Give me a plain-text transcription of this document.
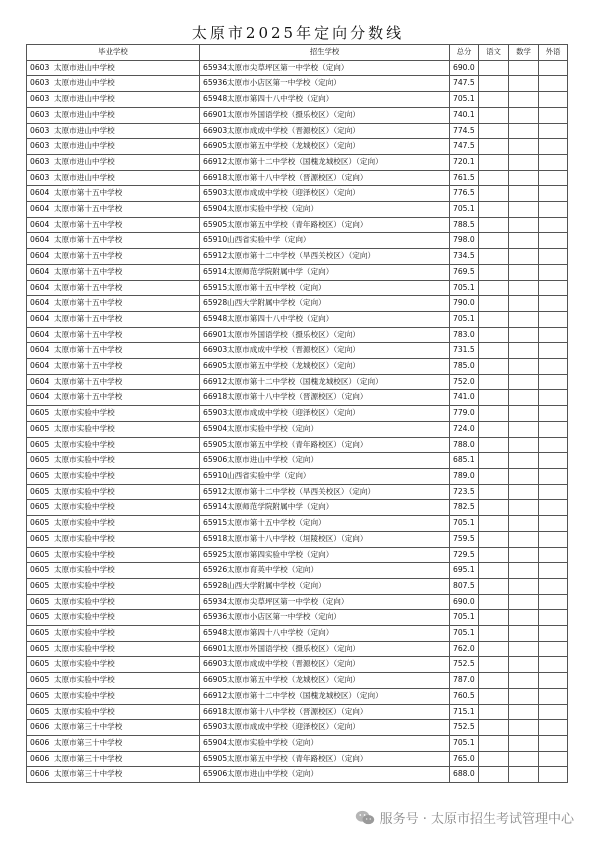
太原市2025年定向分数线
毕业学校	招生学校	总分	语文	数学	外语
0603 太原市进山中学校	65934太原市尖草坪区第一中学校（定向）	690.0			
0603 太原市进山中学校	65936太原市小店区第一中学校（定向）	747.5			
0603 太原市进山中学校	65948太原市第四十八中学校（定向）	705.1			
0603 太原市进山中学校	66901太原市外国语学校（摄乐校区）（定向）	740.1			
0603 太原市进山中学校	66903太原市成成中学校（晋源校区）（定向）	774.5			
0603 太原市进山中学校	66905太原市第五中学校（龙城校区）（定向）	747.5			
0603 太原市进山中学校	66912太原市第十二中学校（国槐龙城校区）（定向）	720.1			
0603 太原市进山中学校	66918太原市第十八中学校（晋源校区）（定向）	761.5			
0604 太原市第十五中学校	65903太原市成成中学校（迎泽校区）（定向）	776.5			
0604 太原市第十五中学校	65904太原市实验中学校（定向）	705.1			
0604 太原市第十五中学校	65905太原市第五中学校（青年路校区）（定向）	788.5			
0604 太原市第十五中学校	65910山西省实验中学（定向）	798.0			
0604 太原市第十五中学校	65912太原市第十二中学校（旱西关校区）（定向）	734.5			
0604 太原市第十五中学校	65914太原师范学院附属中学（定向）	769.5			
0604 太原市第十五中学校	65915太原市第十五中学校（定向）	705.1			
0604 太原市第十五中学校	65928山西大学附属中学校（定向）	790.0			
0604 太原市第十五中学校	65948太原市第四十八中学校（定向）	705.1			
0604 太原市第十五中学校	66901太原市外国语学校（摄乐校区）（定向）	783.0			
0604 太原市第十五中学校	66903太原市成成中学校（晋源校区）（定向）	731.5			
0604 太原市第十五中学校	66905太原市第五中学校（龙城校区）（定向）	785.0			
0604 太原市第十五中学校	66912太原市第十二中学校（国槐龙城校区）（定向）	752.0			
0604 太原市第十五中学校	66918太原市第十八中学校（晋源校区）（定向）	741.0			
0605 太原市实验中学校	65903太原市成成中学校（迎泽校区）（定向）	779.0			
0605 太原市实验中学校	65904太原市实验中学校（定向）	724.0			
0605 太原市实验中学校	65905太原市第五中学校（青年路校区）（定向）	788.0			
0605 太原市实验中学校	65906太原市进山中学校（定向）	685.1			
0605 太原市实验中学校	65910山西省实验中学（定向）	789.0			
0605 太原市实验中学校	65912太原市第十二中学校（旱西关校区）（定向）	723.5			
0605 太原市实验中学校	65914太原师范学院附属中学（定向）	782.5			
0605 太原市实验中学校	65915太原市第十五中学校（定向）	705.1			
0605 太原市实验中学校	65918太原市第十八中学校（垣陵校区）（定向）	759.5			
0605 太原市实验中学校	65925太原市第四实验中学校（定向）	729.5			
0605 太原市实验中学校	65926太原市育英中学校（定向）	695.1			
0605 太原市实验中学校	65928山西大学附属中学校（定向）	807.5			
0605 太原市实验中学校	65934太原市尖草坪区第一中学校（定向）	690.0			
0605 太原市实验中学校	65936太原市小店区第一中学校（定向）	705.1			
0605 太原市实验中学校	65948太原市第四十八中学校（定向）	705.1			
0605 太原市实验中学校	66901太原市外国语学校（摄乐校区）（定向）	762.0			
0605 太原市实验中学校	66903太原市成成中学校（晋源校区）（定向）	752.5			
0605 太原市实验中学校	66905太原市第五中学校（龙城校区）（定向）	787.0			
0605 太原市实验中学校	66912太原市第十二中学校（国槐龙城校区）（定向）	760.5			
0605 太原市实验中学校	66918太原市第十八中学校（晋源校区）（定向）	715.1			
0606 太原市第三十中学校	65903太原市成成中学校（迎泽校区）（定向）	752.5			
0606 太原市第三十中学校	65904太原市实验中学校（定向）	705.1			
0606 太原市第三十中学校	65905太原市第五中学校（青年路校区）（定向）	765.0			
0606 太原市第三十中学校	65906太原市进山中学校（定向）	688.0			
服务号 · 太原市招生考试管理中心
